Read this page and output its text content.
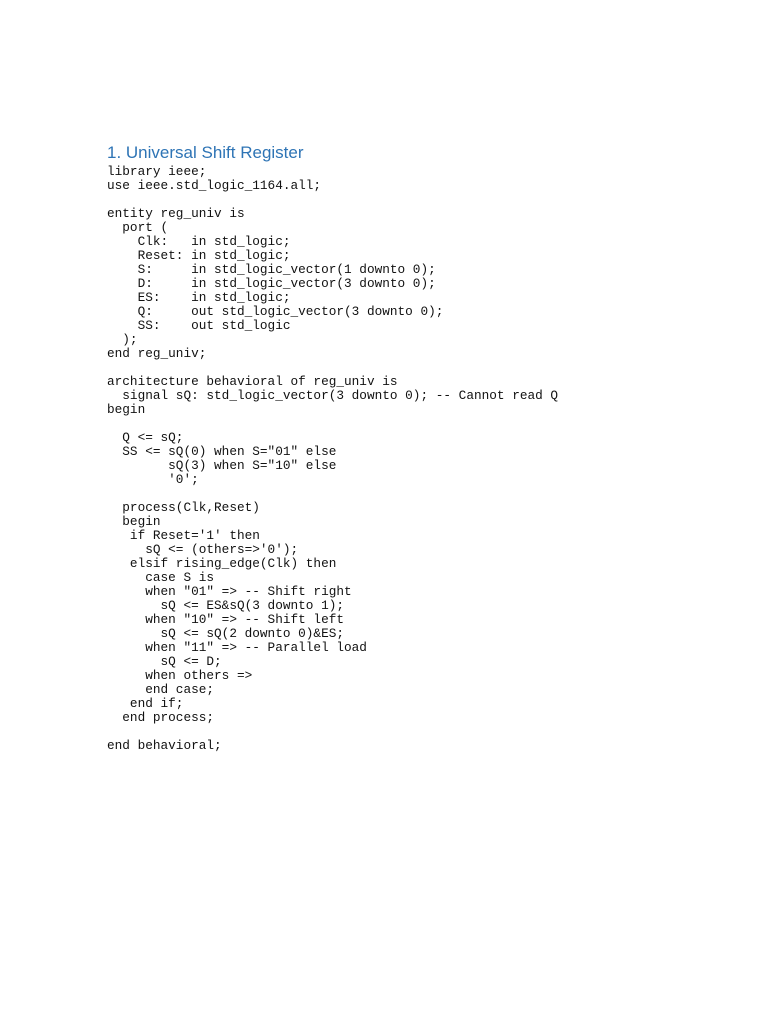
1. Universal Shift Register
library ieee;
use ieee.std_logic_1164.all;
entity reg_univ is
port (
Clk:   in std_logic;
Reset: in std_logic;
S:     in std_logic_vector(1 downto 0);
D:     in std_logic_vector(3 downto 0);
ES:    in std_logic;
Q:     out std_logic_vector(3 downto 0);
SS:    out std_logic
);
end reg_univ;
architecture behavioral of reg_univ is
signal sQ: std_logic_vector(3 downto 0); -- Cannot read Q
begin
Q <= sQ;
SS <= sQ(0) when S="01" else
sQ(3) when S="10" else
'0';
process(Clk,Reset)
begin
if Reset='1' then
sQ <= (others=>'0');
elsif rising_edge(Clk) then
case S is
when "01" => -- Shift right
sQ <= ES&sQ(3 downto 1);
when "10" => -- Shift left
sQ <= sQ(2 downto 0)&ES;
when "11" => -- Parallel load
sQ <= D;
when others =>
end case;
end if;
end process;
end behavioral;
